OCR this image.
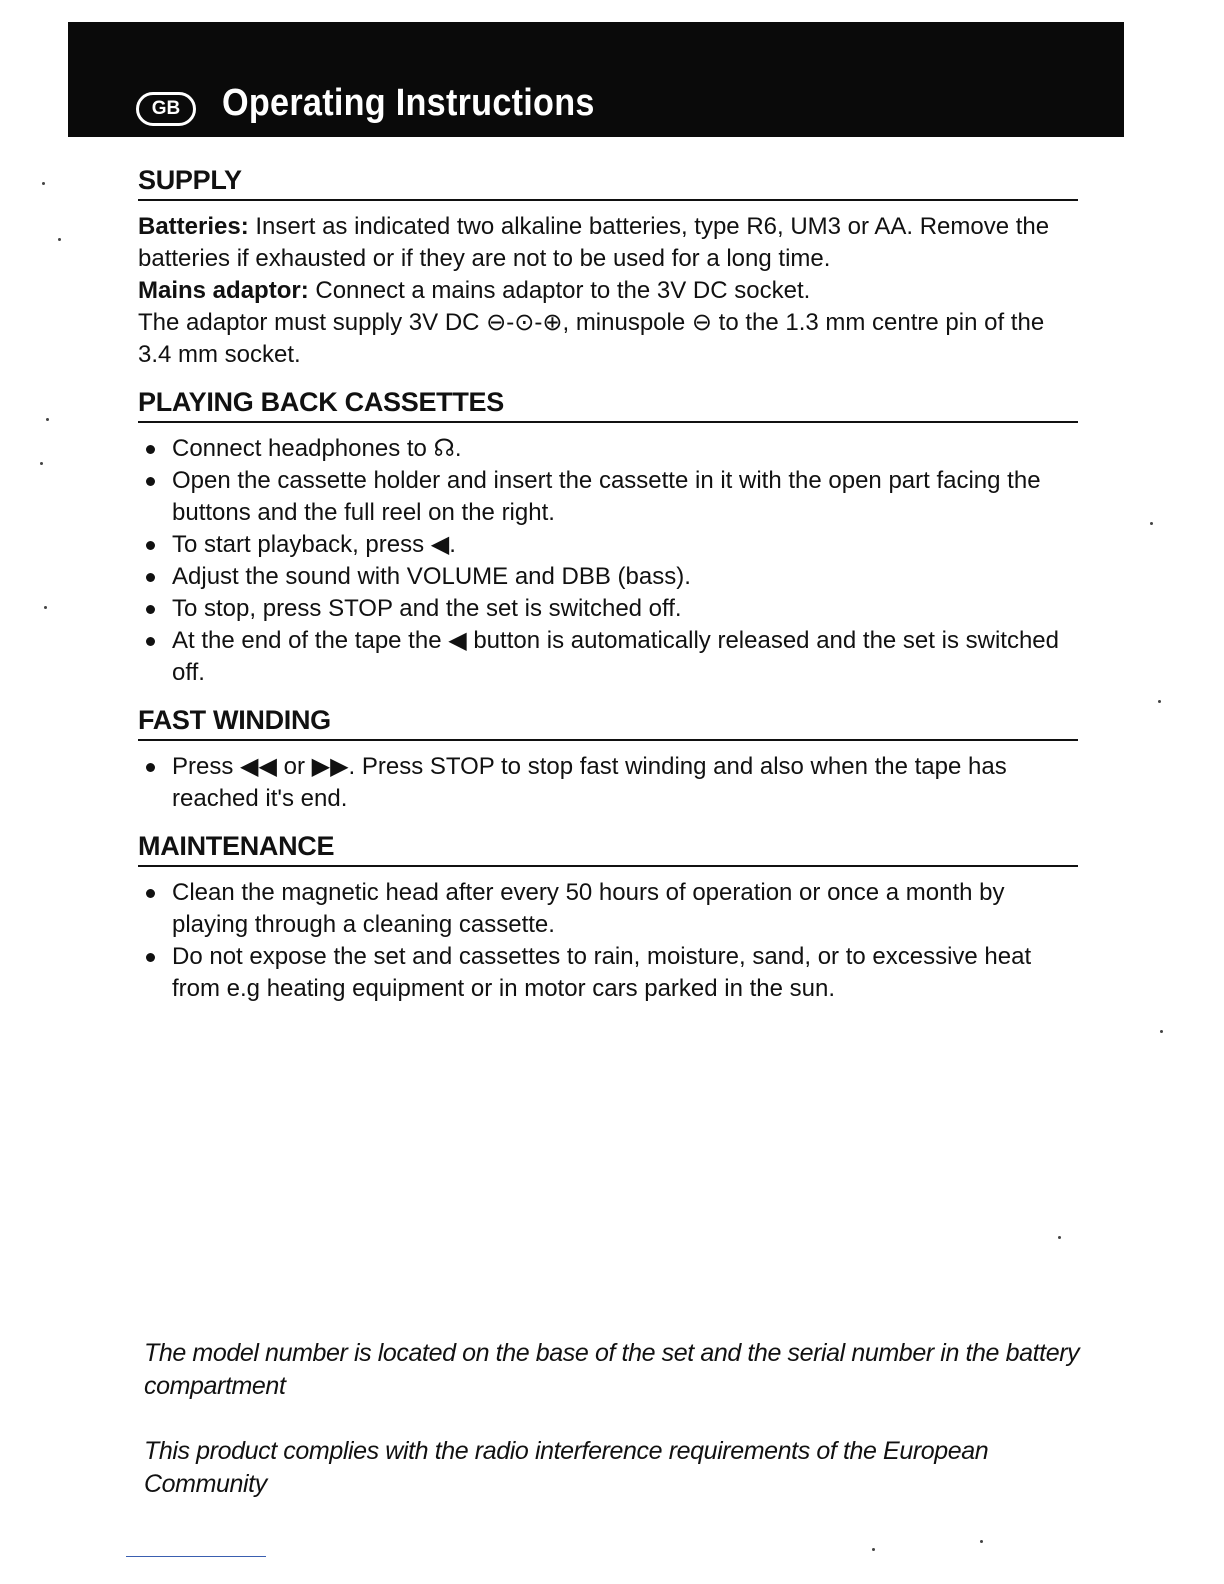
GB	Operating Instructions
SUPPLY

Batteries: Insert as indicated two alkaline batteries, type R6, UM3 or AA. Remove the batteries if exhausted or if they are not to be used for a long time.

Mains adaptor: Connect a mains adaptor to the 3V DC socket.

The adaptor must supply 3V DC ⊖-⊙-⊕, minuspole ⊖ to the 1.3 mm centre pin of the 3.4 mm socket.

PLAYING BACK CASSETTES
Connect headphones to ☊.
Open the cassette holder and insert the cassette in it with the open part facing the buttons and the full reel on the right.
To start playback, press ◀.
Adjust the sound with VOLUME and DBB (bass).
To stop, press STOP and the set is switched off.
At the end of the tape the ◀ button is automatically released and the set is switched off.
FAST WINDING
Press ◀◀ or ▶▶. Press STOP to stop fast winding and also when the tape has reached it's end.
MAINTENANCE
Clean the magnetic head after every 50 hours of operation or once a month by playing through a cleaning cassette.
Do not expose the set and cassettes to rain, moisture, sand, or to excessive heat from e.g heating equipment or in motor cars parked in the sun.

The model number is located on the base of the set and the serial number in the battery compartment

This product complies with the radio interference requirements of the European Community
